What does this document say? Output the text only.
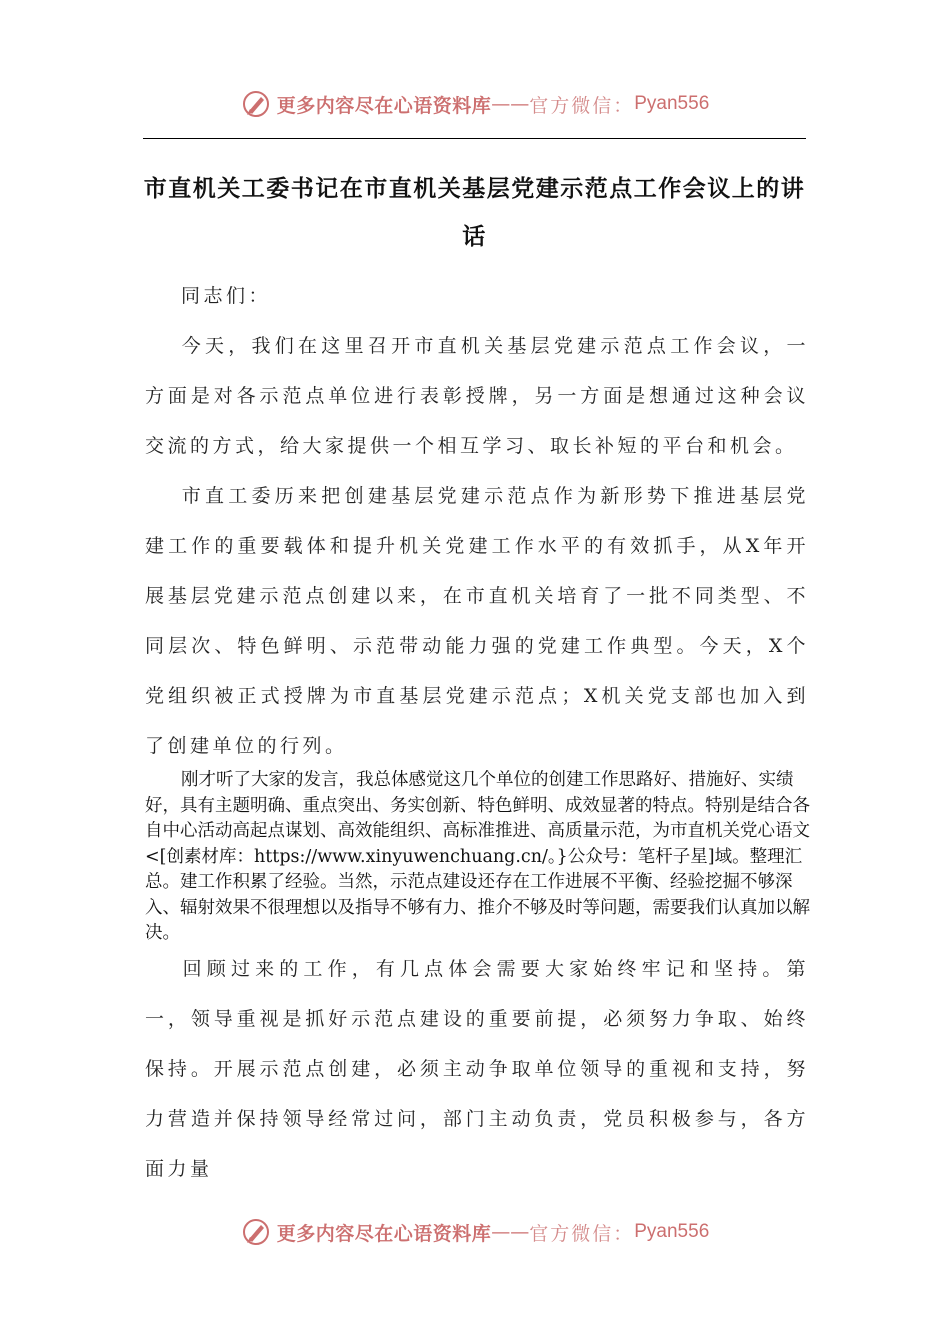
更多内容尽在心语资料库 —— 官方微信： Pyan556
市直机关工委书记在市直机关基层党建示范点工作会议上的讲话
同志们：
今天，我们在这里召开市直机关基层党建示范点工作会议，一方面是对各示范点单位进行表彰授牌，另一方面是想通过这种会议交流的方式，给大家提供一个相互学习、取长补短的平台和机会。
市直工委历来把创建基层党建示范点作为新形势下推进基层党建工作的重要载体和提升机关党建工作水平的有效抓手，从X年开展基层党建示范点创建以来，在市直机关培育了一批不同类型、不同层次、特色鲜明、示范带动能力强的党建工作典型。今天，X个党组织被正式授牌为市直基层党建示范点；X机关党支部也加入到了创建单位的行列。
刚才听了大家的发言，我总体感觉这几个单位的创建工作思路好、措施好、实绩好，具有主题明确、重点突出、务实创新、特色鲜明、成效显著的特点。特别是结合各自中心活动高起点谋划、高效能组织、高标准推进、高质量示范，为市直机关党心语文<[创素材库：https://www.xinyuwenchuang.cn/。}公众号：笔杆子星]域。整理汇总。建工作积累了经验。当然，示范点建设还存在工作进展不平衡、经验挖掘不够深入、辐射效果不很理想以及指导不够有力、推介不够及时等问题，需要我们认真加以解决。
回顾过来的工作，有几点体会需要大家始终牢记和坚持。第一，领导重视是抓好示范点建设的重要前提，必须努力争取、始终保持。开展示范点创建，必须主动争取单位领导的重视和支持，努力营造并保持领导经常过问，部门主动负责，党员积极参与，各方面力量
更多内容尽在心语资料库 —— 官方微信： Pyan556
